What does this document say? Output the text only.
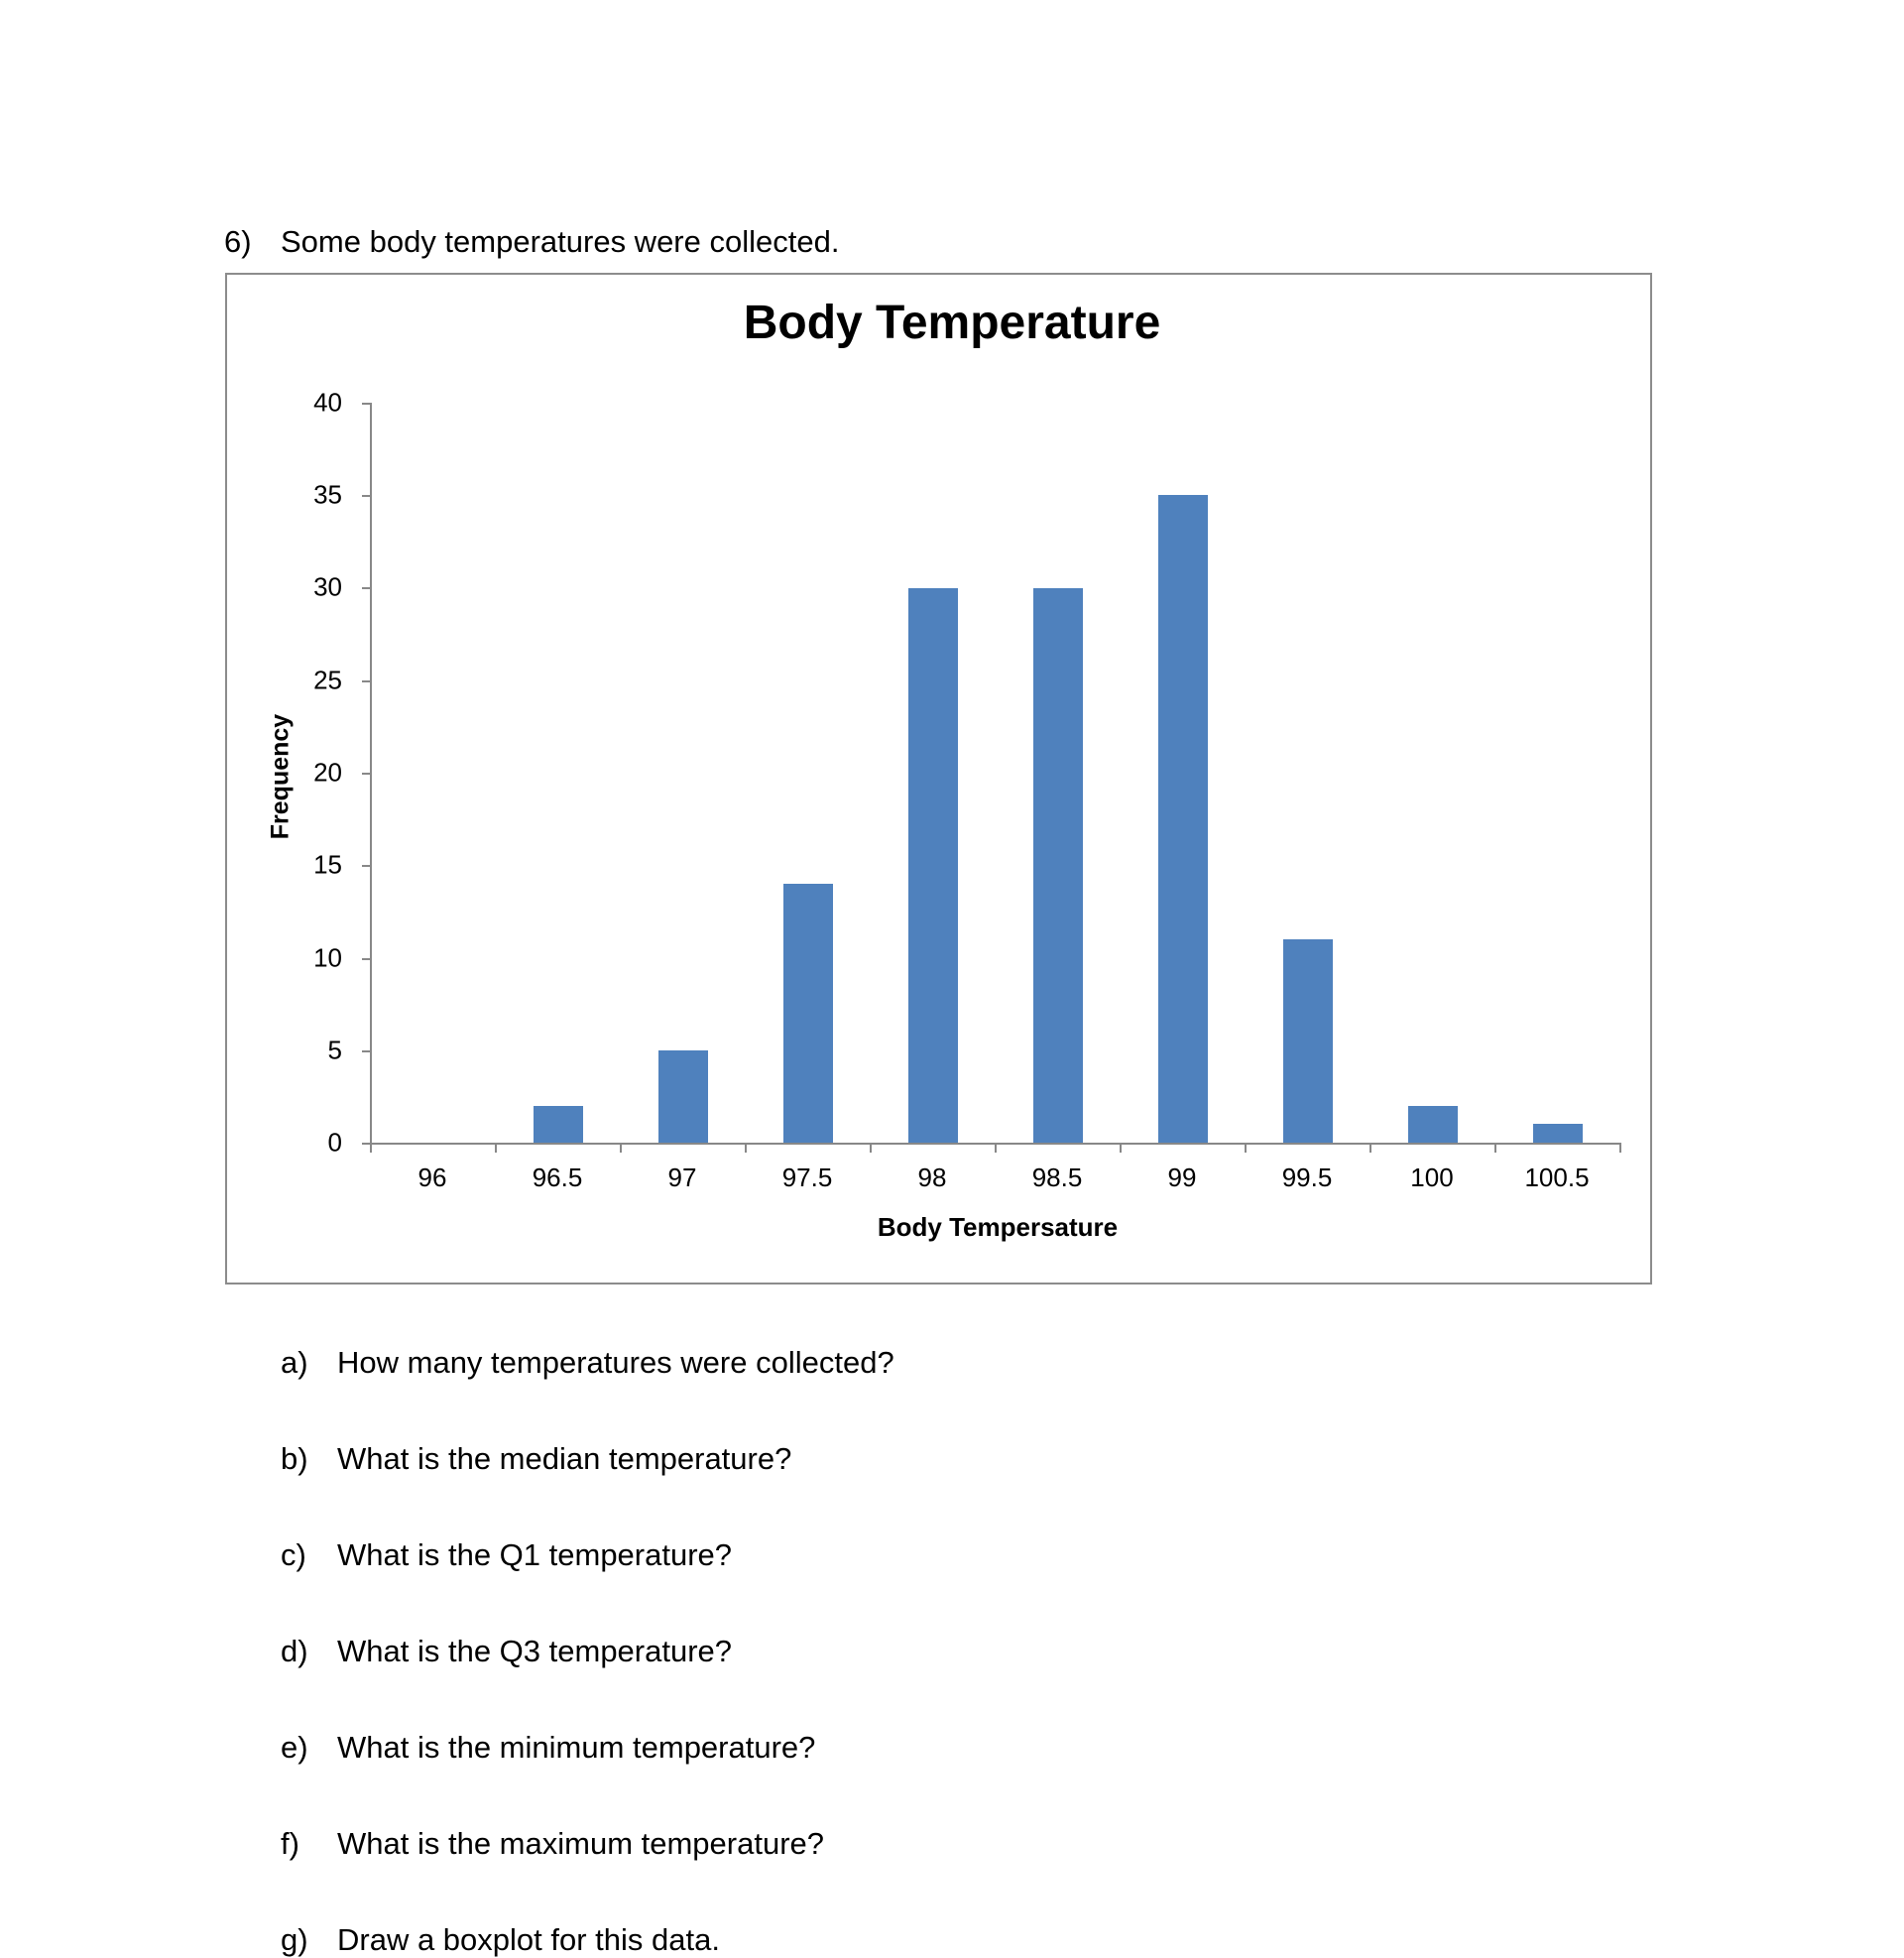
6) Some body temperatures were collected.
Body Temperature
Frequency
Body Tempersature
0
5
10
15
20
25
30
35
40
96	96.5	97	97.5	98	98.5	99	99.5	100	100.5
a) How many temperatures were collected?
b) What is the median temperature?
c) What is the Q1 temperature?
d) What is the Q3 temperature?
e) What is the minimum temperature?
f) What is the maximum temperature?
g) Draw a boxplot for this data.
